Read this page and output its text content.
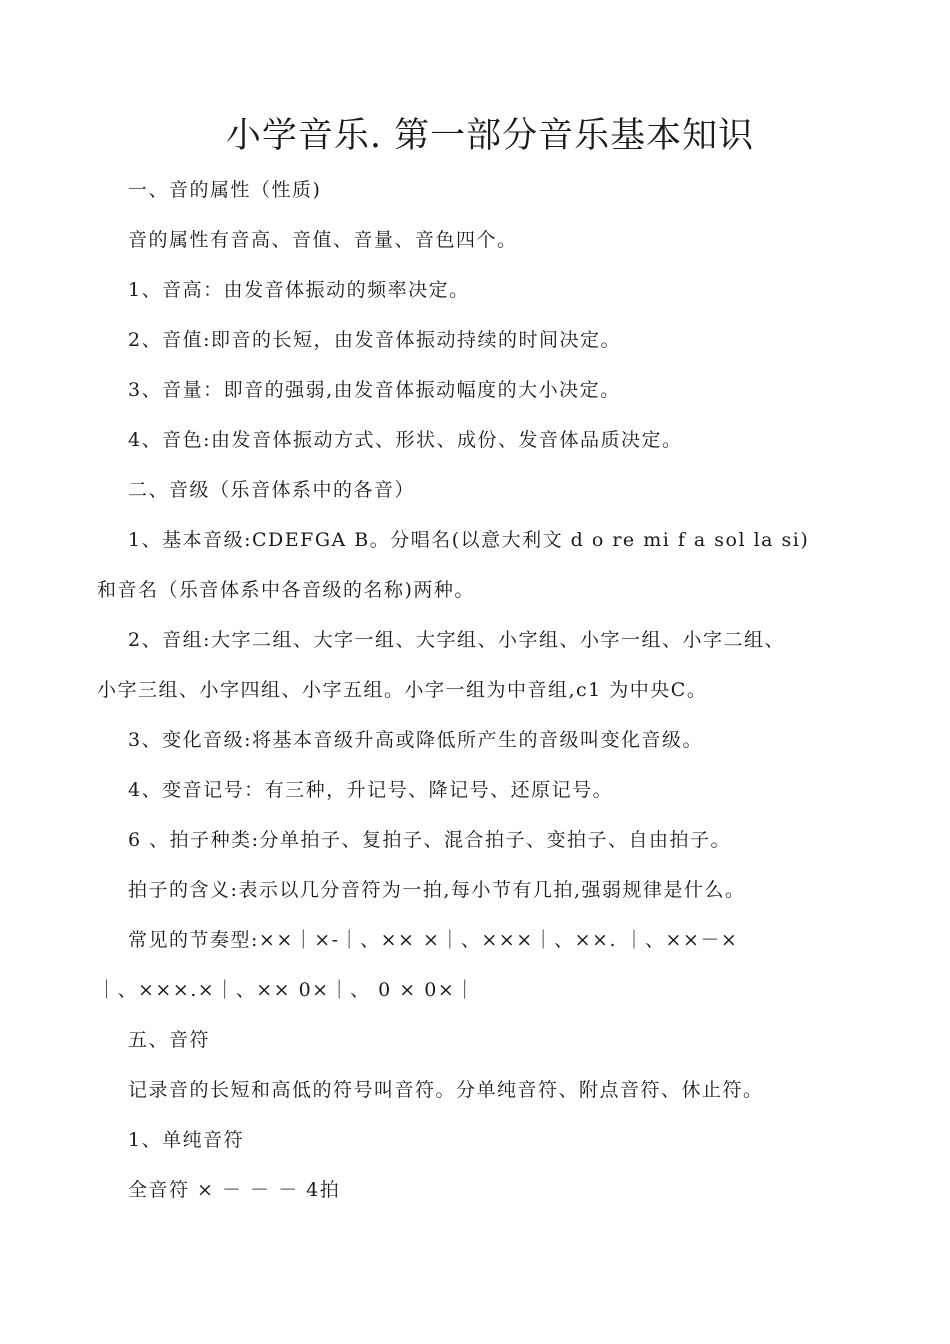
小学音乐. 第一部分音乐基本知识
一、音的属性（性质)
音的属性有音高、音值、音量、音色四个。
1、音高：由发音体振动的频率决定。
2、音值:即音的长短，由发音体振动持续的时间决定。
3、音量：即音的强弱,由发音体振动幅度的大小决定。
4、音色:由发音体振动方式、形状、成份、发音体品质决定。
二、音级（乐音体系中的各音）
1、基本音级:CDEFGA B。分唱名(以意大利文 d o re mi f a sol la si)
和音名（乐音体系中各音级的名称)两种。
2、音组:大字二组、大字一组、大字组、小字组、小字一组、小字二组、
小字三组、小字四组、小字五组。小字一组为中音组,c1 为中央C。
3、变化音级:将基本音级升高或降低所产生的音级叫变化音级。
4、变音记号：有三种，升记号、降记号、还原记号。
6 、拍子种类:分单拍子、复拍子、混合拍子、变拍子、自由拍子。
拍子的含义:表示以几分音符为一拍,每小节有几拍,强弱规律是什么。
常见的节奏型:××｜×-｜、×× ×｜、×××｜、××. ｜、××－×
｜、×××.×｜、×× 0×｜、 0 × 0×｜
五、音符
记录音的长短和高低的符号叫音符。分单纯音符、附点音符、休止符。
1、单纯音符
全音符 × － － － 4拍
